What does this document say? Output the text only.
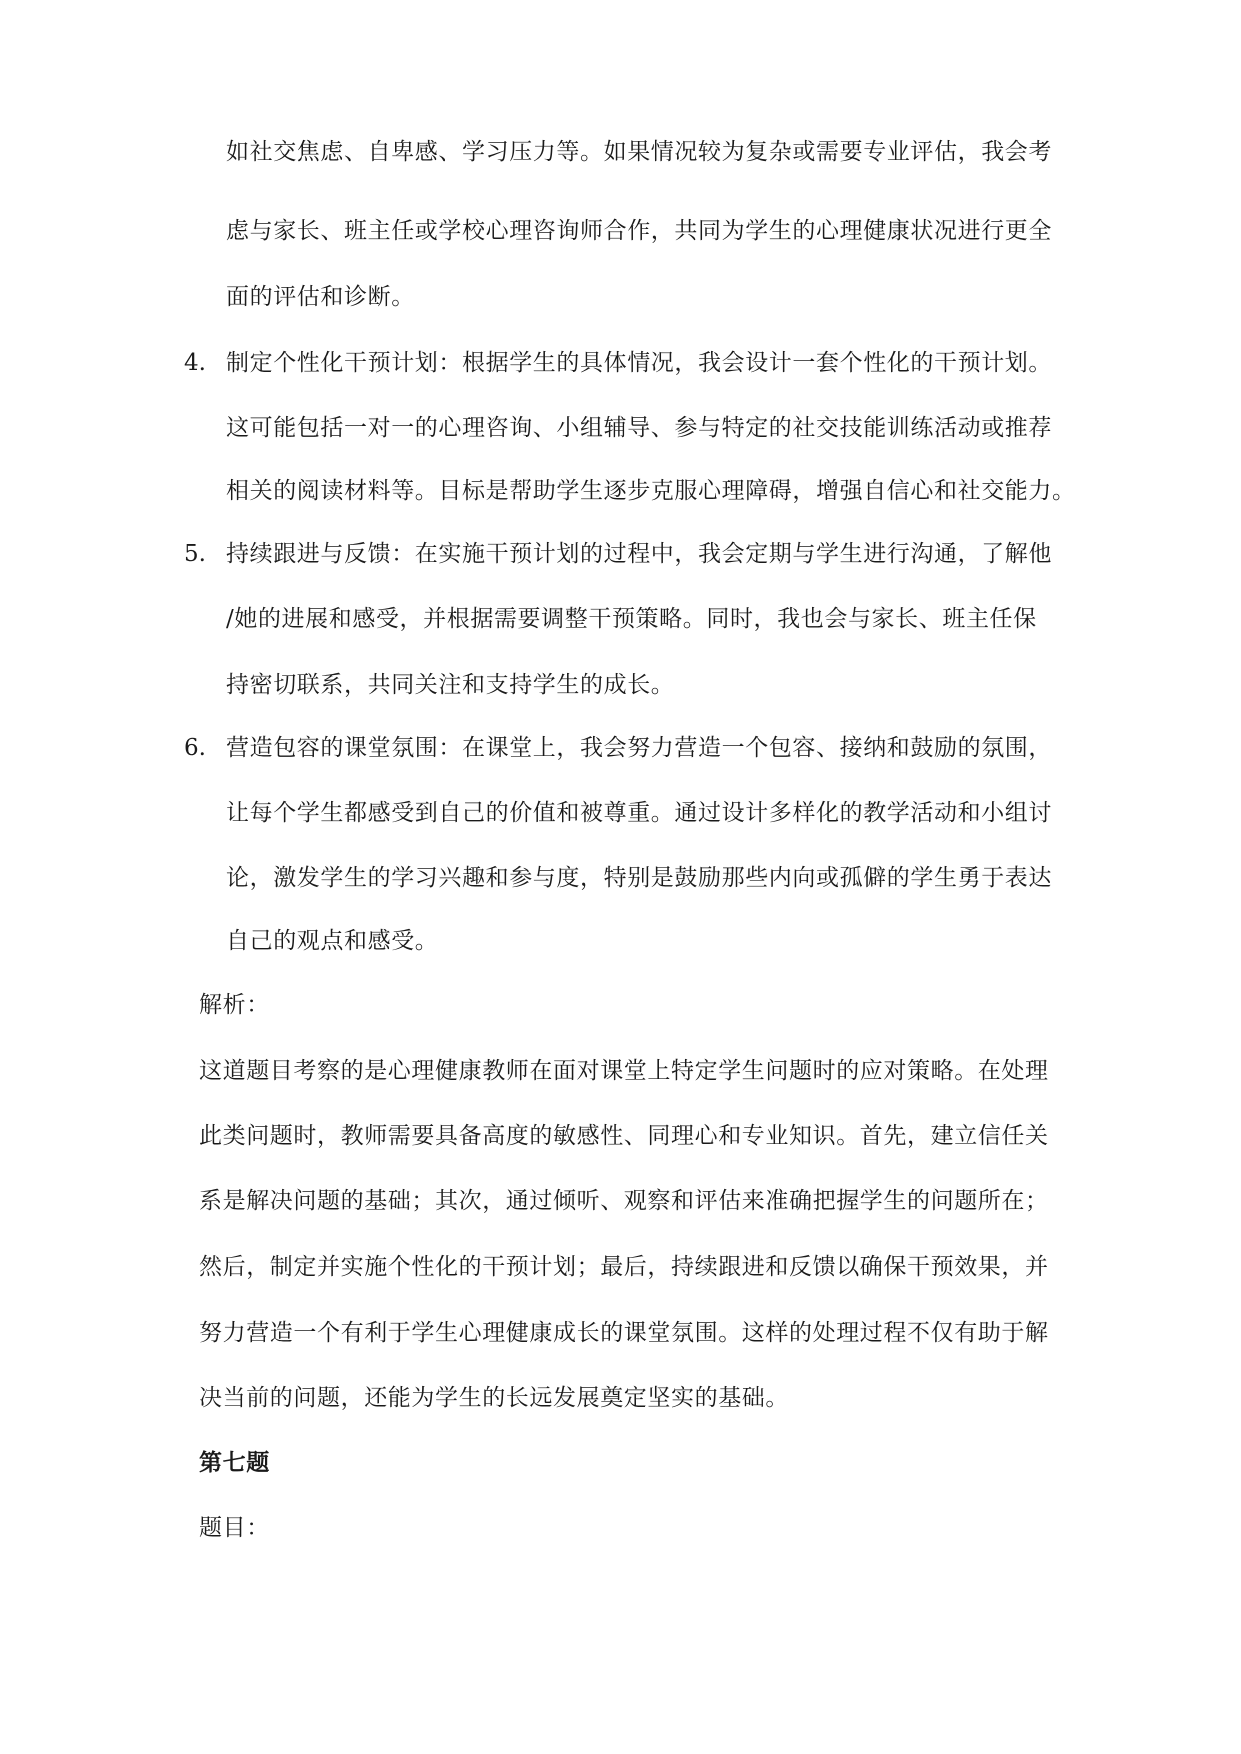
如社交焦虑、自卑感、学习压力等。如果情况较为复杂或需要专业评估，我会考
虑与家长、班主任或学校心理咨询师合作，共同为学生的心理健康状况进行更全
面的评估和诊断。
4. 制定个性化干预计划：根据学生的具体情况，我会设计一套个性化的干预计划。
这可能包括一对一的心理咨询、小组辅导、参与特定的社交技能训练活动或推荐
相关的阅读材料等。目标是帮助学生逐步克服心理障碍，增强自信心和社交能力。
5. 持续跟进与反馈：在实施干预计划的过程中，我会定期与学生进行沟通，了解他
/她的进展和感受，并根据需要调整干预策略。同时，我也会与家长、班主任保
持密切联系，共同关注和支持学生的成长。
6. 营造包容的课堂氛围：在课堂上，我会努力营造一个包容、接纳和鼓励的氛围，
让每个学生都感受到自己的价值和被尊重。通过设计多样化的教学活动和小组讨
论，激发学生的学习兴趣和参与度，特别是鼓励那些内向或孤僻的学生勇于表达
自己的观点和感受。
解析：
这道题目考察的是心理健康教师在面对课堂上特定学生问题时的应对策略。在处理
此类问题时，教师需要具备高度的敏感性、同理心和专业知识。首先，建立信任关
系是解决问题的基础；其次，通过倾听、观察和评估来准确把握学生的问题所在；
然后，制定并实施个性化的干预计划；最后，持续跟进和反馈以确保干预效果，并
努力营造一个有利于学生心理健康成长的课堂氛围。这样的处理过程不仅有助于解
决当前的问题，还能为学生的长远发展奠定坚实的基础。
第七题
题目：
